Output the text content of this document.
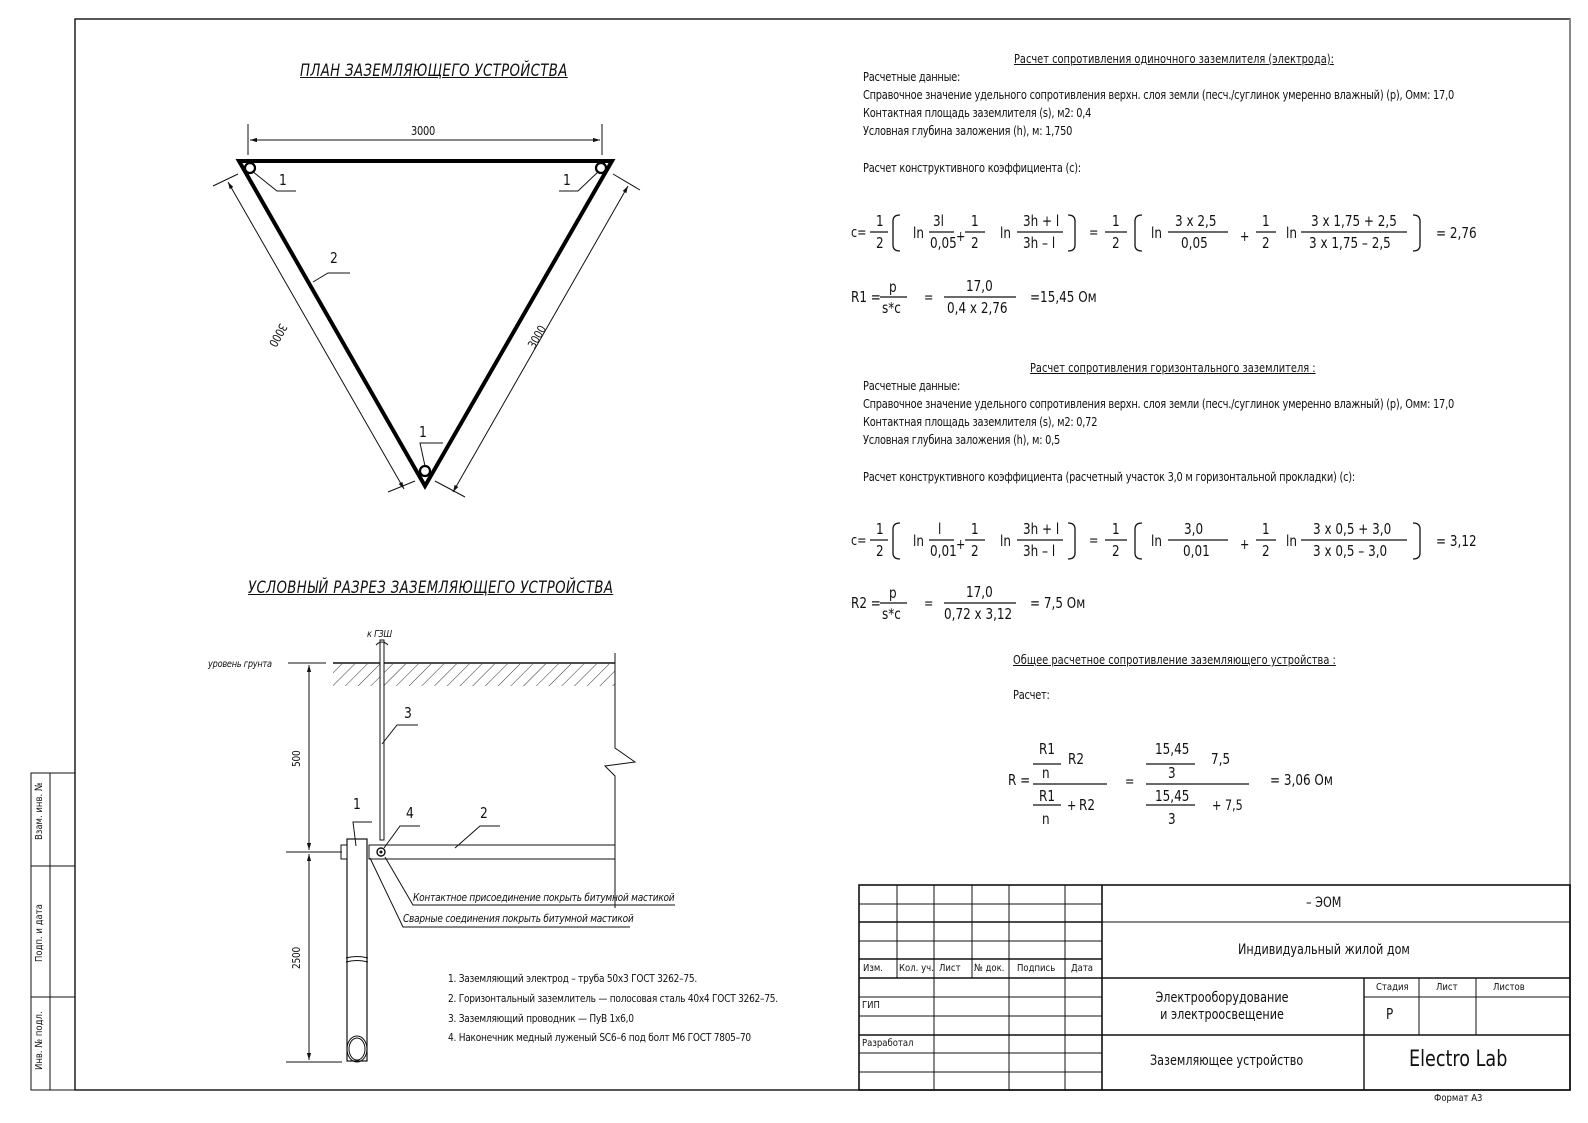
ПЛАН ЗАЗЕМЛЯЮЩЕГО УСТРОЙСТВА
3000
3000	3000
1	1
1
2
УСЛОВНЫЙ РАЗРЕЗ ЗАЗЕМЛЯЮЩЕГО УСТРОЙСТВА
к ГЗШ
уровень грунта
500
2500
1	2
3
4
Контактное присоединение покрыть битумной мастикой
Сварные соединения покрыть битумной мастикой
1. Заземляющий электрод – труба 50х3 ГОСТ 3262–75.
2. Горизонтальный заземлитель — полосовая сталь 40х4 ГОСТ 3262–75.
3. Заземляющий проводник — ПуВ 1х6,0
4. Наконечник медный луженый SC6–6 под болт М6 ГОСТ 7805–70
Расчет сопротивления одиночного заземлителя (электрода):
Расчетные данные:
Справочное значение удельного сопротивления верхн. слоя земли (песч./суглинок умеренно влажный) (p), Омм: 17,0
Контактная площадь заземлителя (s), м2: 0,4
Условная глубина заложения (h), м: 1,750
Расчет конструктивного коэффициента (c):
c=
1
2
ln
3l
0,05 +
1
2
ln
3h + l
3h – l
=
1
2
ln
3 х 2,5
0,05 +
1
2
ln
3 х 1,75 + 2,5
3 х 1,75 – 2,5
= 2,76
R1 =
p
s*c
=
17,0
0,4 х 2,76
=15,45 Ом
Расчет сопротивления горизонтального заземлителя :
Расчетные данные:
Справочное значение удельного сопротивления верхн. слоя земли (песч./суглинок умеренно влажный) (p), Омм: 17,0
Контактная площадь заземлителя (s), м2: 0,72
Условная глубина заложения (h), м: 0,5
Расчет конструктивного коэффициента (расчетный участок 3,0 м горизонтальной прокладки) (c):
c=
1
2
ln
l
0,01 +
1
2
ln
3h + l
3h – l
=
1
2
ln
3,0
0,01 +
1
2
ln
3 х 0,5 + 3,0
3 х 0,5 – 3,0
= 3,12
R2 =
p
s*c
=
17,0
0,72 х 3,12
= 7,5 Ом
Общее расчетное сопротивление заземляющего устройства :
Расчет:
R =
R1
n
R2
R1
n
+ R2
=
15,45
3
7,5
15,45
3
+ 7,5
= 3,06 Ом
– ЭОМ
Индивидуальный жилой дом
Изм. Кол. уч. Лист № док. Подпись Дата
ГИП
Разработал
Электрооборудование и электроосвещение
Заземляющее устройство
Стадия	Лист	Листов
Р
Electro Lab
Формат А3
Взам. инв. №
Подп. и дата
Инв. № подл.
